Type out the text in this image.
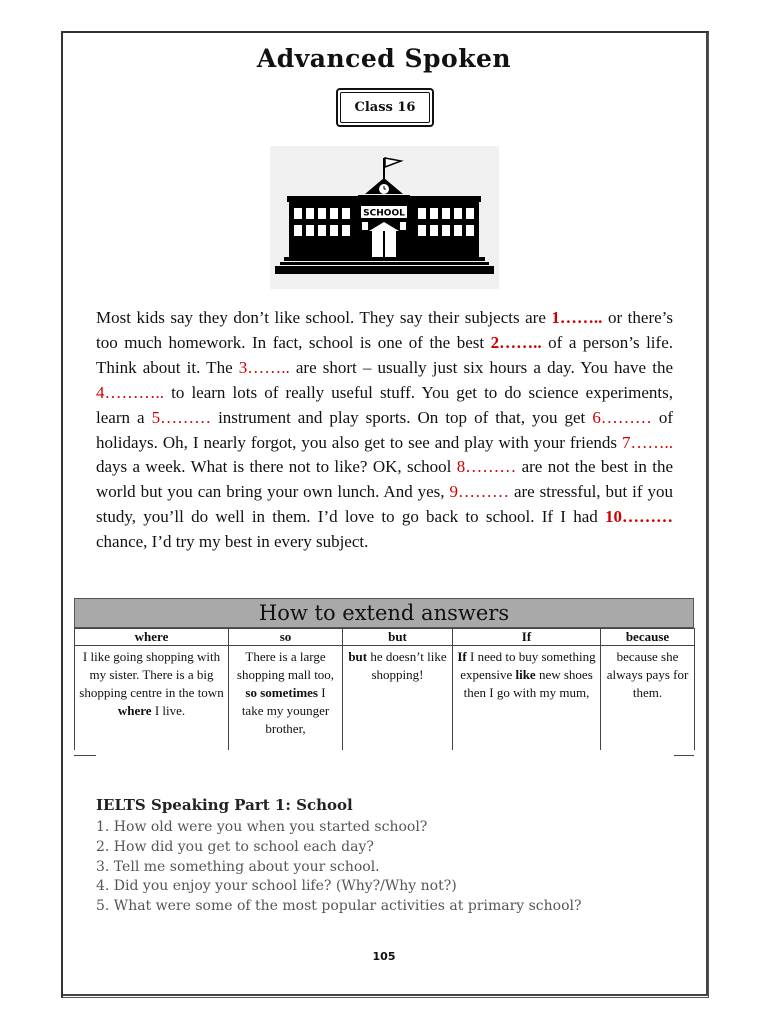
Advanced Spoken
Class 16
SCHOOL
Most kids say they don’t like school. They say their subjects are 1…….. or there’s too much homework. In fact, school is one of the best 2…….. of a person’s life. Think about it. The 3…….. are short – usually just six hours a day. You have the 4……….. to learn lots of really useful stuff. You get to do science experiments, learn a 5……… instrument and play sports. On top of that, you get 6……… of holidays. Oh, I nearly forgot, you also get to see and play with your friends 7…….. days a week. What is there not to like? OK, school 8……… are not the best in the world but you can bring your own lunch. And yes, 9……… are stressful, but if you study, you’ll do well in them. I’d love to go back to school. If I had 10……… chance, I’d try my best in every subject.
How to extend answers
where	so	but	If	because
I like going shopping with my sister. There is a big shopping centre in the town where I live.	There is a large shopping mall too, so sometimes I take my younger brother,	but he doesn’t like shopping!	If I need to buy something expensive like new shoes then I go with my mum,	because she always pays for them.
IELTS Speaking Part 1: School
1. How old were you when you started school?
2. How did you get to school each day?
3. Tell me something about your school.
4. Did you enjoy your school life? (Why?/Why not?)
5. What were some of the most popular activities at primary school?
105
